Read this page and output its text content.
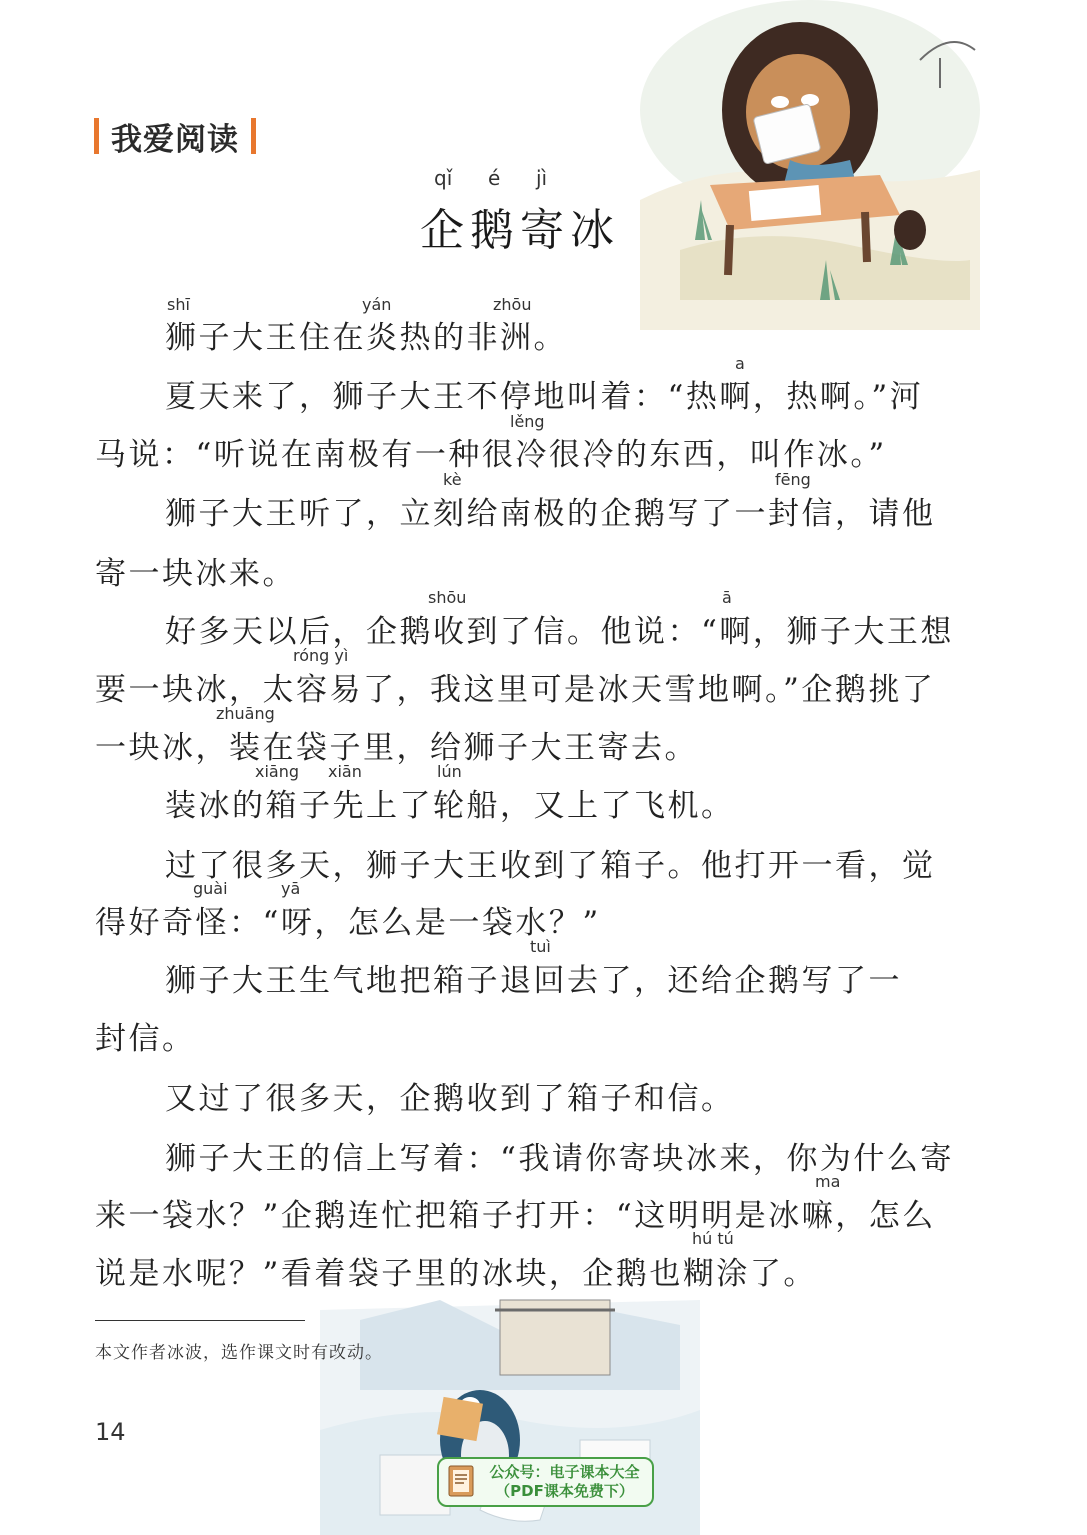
我爱阅读
qǐ é jì
企鹅寄冰
shī	yán	zhōu
狮子大王住在炎热的非洲。
a
夏天来了，狮子大王不停地叫着：“热啊，热啊。”河
lěng
马说：“听说在南极有一种很冷很冷的东西，叫作冰。”
kè	fēng
狮子大王听了，立刻给南极的企鹅写了一封信，请他
寄一块冰来。
shōu	ā
好多天以后，企鹅收到了信。他说：“啊，狮子大王想
róng yì
要一块冰，太容易了，我这里可是冰天雪地啊。”企鹅挑了
zhuāng
一块冰，装在袋子里，给狮子大王寄去。
xiāng xiān	lún
装冰的箱子先上了轮船，又上了飞机。
过了很多天，狮子大王收到了箱子。他打开一看，觉
guài	yā
得好奇怪：“呀，怎么是一袋水？”
tuì
狮子大王生气地把箱子退回去了，还给企鹅写了一
封信。
又过了很多天，企鹅收到了箱子和信。
狮子大王的信上写着：“我请你寄块冰来，你为什么寄
ma
来一袋水？”企鹅连忙把箱子打开：“这明明是冰嘛，怎么
hú tú
说是水呢？”看着袋子里的冰块，企鹅也糊涂了。
本文作者冰波，选作课文时有改动。
14
公众号：电子课本大全
（PDF课本免费下）
